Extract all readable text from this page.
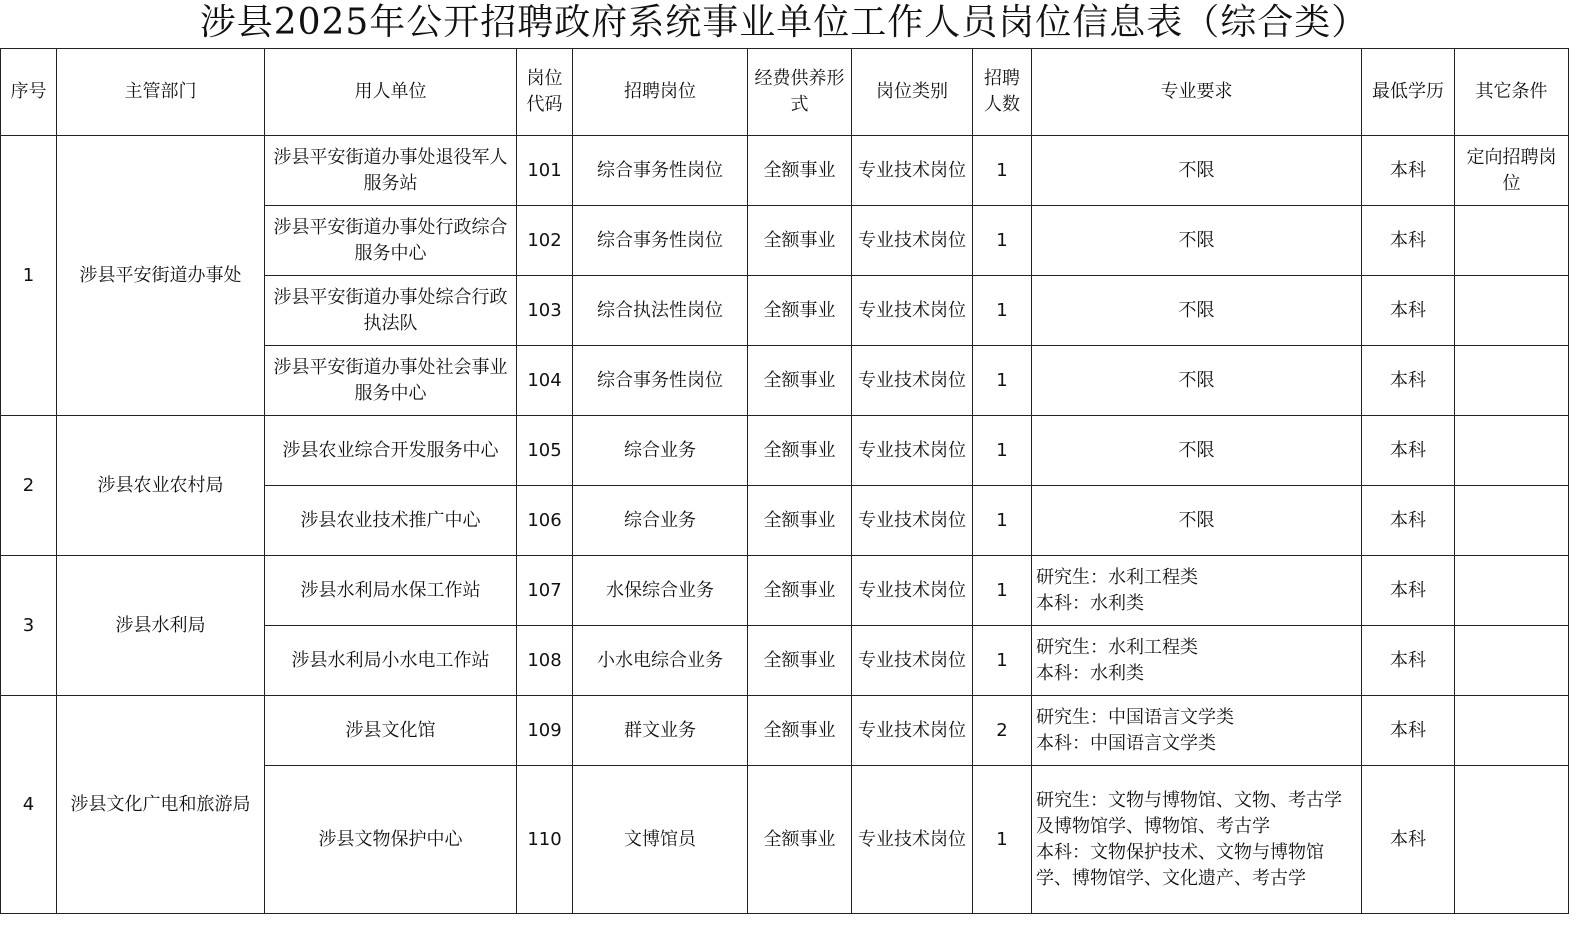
涉县2025年公开招聘政府系统事业单位工作人员岗位信息表（综合类）
序号	主管部门	用人单位	岗位代码	招聘岗位	经费供养形式	岗位类别	招聘人数	专业要求	最低学历	其它条件
1	涉县平安街道办事处	涉县平安街道办事处退役军人服务站	101	综合事务性岗位	全额事业	专业技术岗位	1	不限	本科	定向招聘岗位
		涉县平安街道办事处行政综合服务中心	102	综合事务性岗位	全额事业	专业技术岗位	1	不限	本科	
		涉县平安街道办事处综合行政执法队	103	综合执法性岗位	全额事业	专业技术岗位	1	不限	本科	
		涉县平安街道办事处社会事业服务中心	104	综合事务性岗位	全额事业	专业技术岗位	1	不限	本科	
2	涉县农业农村局	涉县农业综合开发服务中心	105	综合业务	全额事业	专业技术岗位	1	不限	本科	
		涉县农业技术推广中心	106	综合业务	全额事业	专业技术岗位	1	不限	本科	
3	涉县水利局	涉县水利局水保工作站	107	水保综合业务	全额事业	专业技术岗位	1	研究生：水利工程类
本科：水利类	本科	
		涉县水利局小水电工作站	108	小水电综合业务	全额事业	专业技术岗位	1	研究生：水利工程类
本科：水利类	本科	
4	涉县文化广电和旅游局	涉县文化馆	109	群文业务	全额事业	专业技术岗位	2	研究生：中国语言文学类
本科：中国语言文学类	本科	
		涉县文物保护中心	110	文博馆员	全额事业	专业技术岗位	1	研究生：文物与博物馆、文物、考古学及博物馆学、博物馆、考古学
本科：文物保护技术、文物与博物馆学、博物馆学、文化遗产、考古学	本科	
